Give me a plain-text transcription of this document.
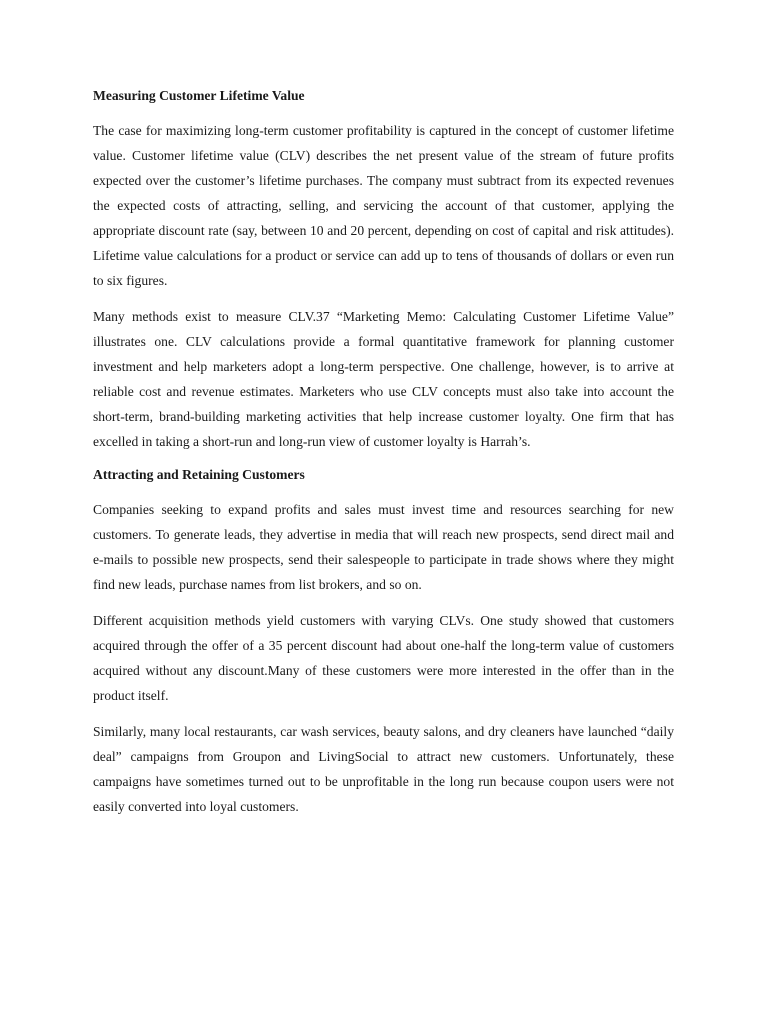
Measuring Customer Lifetime Value

The case for maximizing long-term customer profitability is captured in the concept of customer lifetime value. Customer lifetime value (CLV) describes the net present value of the stream of future profits expected over the customer’s lifetime purchases. The company must subtract from its expected revenues the expected costs of attracting, selling, and servicing the account of that customer, applying the appropriate discount rate (say, between 10 and 20 percent, depending on cost of capital and risk attitudes). Lifetime value calculations for a product or service can add up to tens of thousands of dollars or even run to six figures.

Many methods exist to measure CLV.37 “Marketing Memo: Calculating Customer Lifetime Value” illustrates one. CLV calculations provide a formal quantitative framework for planning customer investment and help marketers adopt a long-term perspective. One challenge, however, is to arrive at reliable cost and revenue estimates. Marketers who use CLV concepts must also take into account the short-term, brand-building marketing activities that help increase customer loyalty. One firm that has excelled in taking a short-run and long-run view of customer loyalty is Harrah’s.

Attracting and Retaining Customers

Companies seeking to expand profits and sales must invest time and resources searching for new customers. To generate leads, they advertise in media that will reach new prospects, send direct mail and e-mails to possible new prospects, send their salespeople to participate in trade shows where they might find new leads, purchase names from list brokers, and so on.

Different acquisition methods yield customers with varying CLVs. One study showed that customers acquired through the offer of a 35 percent discount had about one-half the long-term value of customers acquired without any discount.Many of these customers were more interested in the offer than in the product itself.

Similarly, many local restaurants, car wash services, beauty salons, and dry cleaners have launched “daily deal” campaigns from Groupon and LivingSocial to attract new customers. Unfortunately, these campaigns have sometimes turned out to be unprofitable in the long run because coupon users were not easily converted into loyal customers.
